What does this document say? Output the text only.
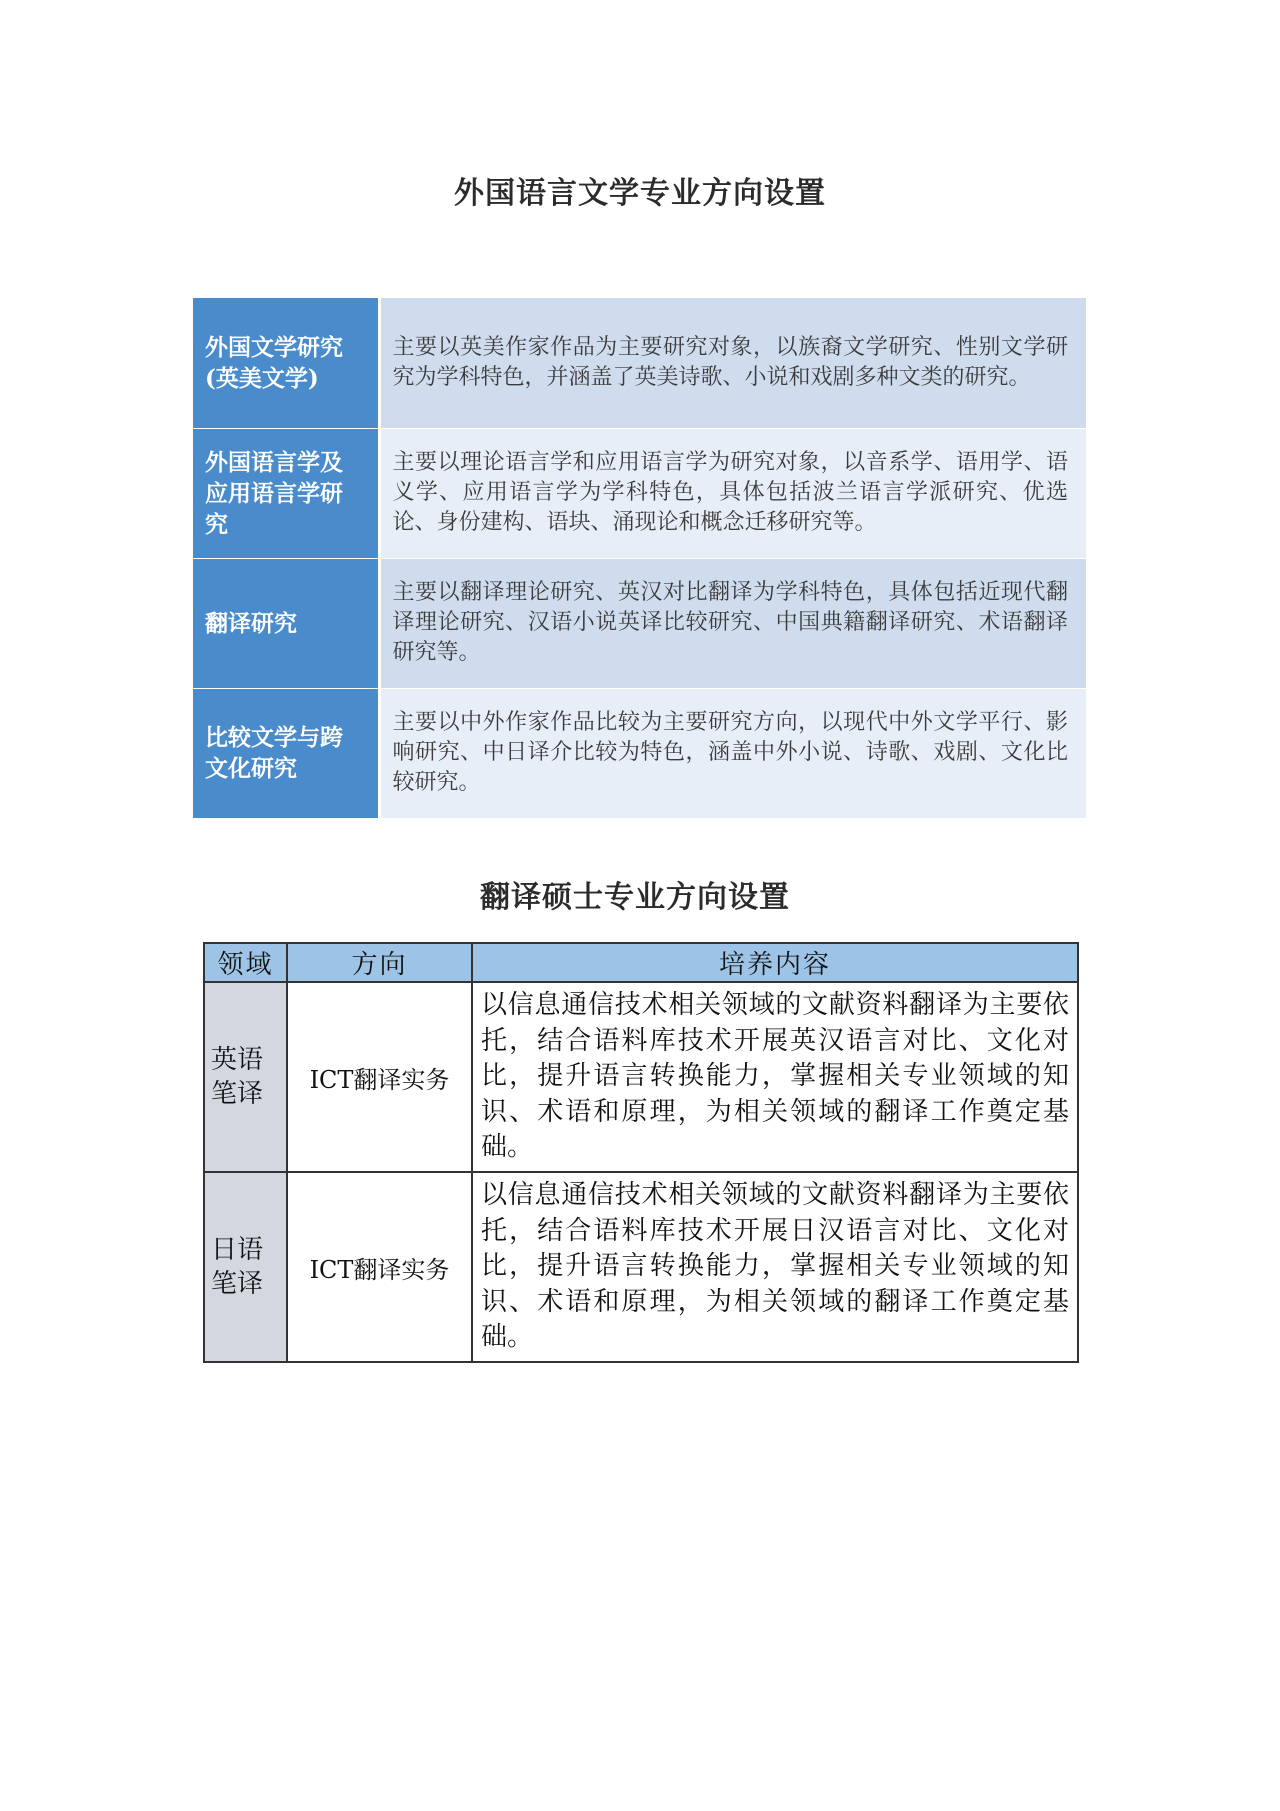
外国语言文学专业方向设置
外国文学研究(英美文学)	主要以英美作家作品为主要研究对象，以族裔文学研究、性别文学研究为学科特色，并涵盖了英美诗歌、小说和戏剧多种文类的研究。
外国语言学及应用语言学研究	主要以理论语言学和应用语言学为研究对象，以音系学、语用学、语义学、应用语言学为学科特色，具体包括波兰语言学派研究、优选论、身份建构、语块、涌现论和概念迁移研究等。
翻译研究	主要以翻译理论研究、英汉对比翻译为学科特色，具体包括近现代翻译理论研究、汉语小说英译比较研究、中国典籍翻译研究、术语翻译研究等。
比较文学与跨文化研究	主要以中外作家作品比较为主要研究方向，以现代中外文学平行、影响研究、中日译介比较为特色，涵盖中外小说、诗歌、戏剧、文化比较研究。
翻译硕士专业方向设置
领域	方向	培养内容
英语笔译	ICT翻译实务	以信息通信技术相关领域的文献资料翻译为主要依托，结合语料库技术开展英汉语言对比、文化对比，提升语言转换能力，掌握相关专业领域的知识、术语和原理，为相关领域的翻译工作奠定基础。
日语笔译	ICT翻译实务	以信息通信技术相关领域的文献资料翻译为主要依托，结合语料库技术开展日汉语言对比、文化对比，提升语言转换能力，掌握相关专业领域的知识、术语和原理，为相关领域的翻译工作奠定基础。
